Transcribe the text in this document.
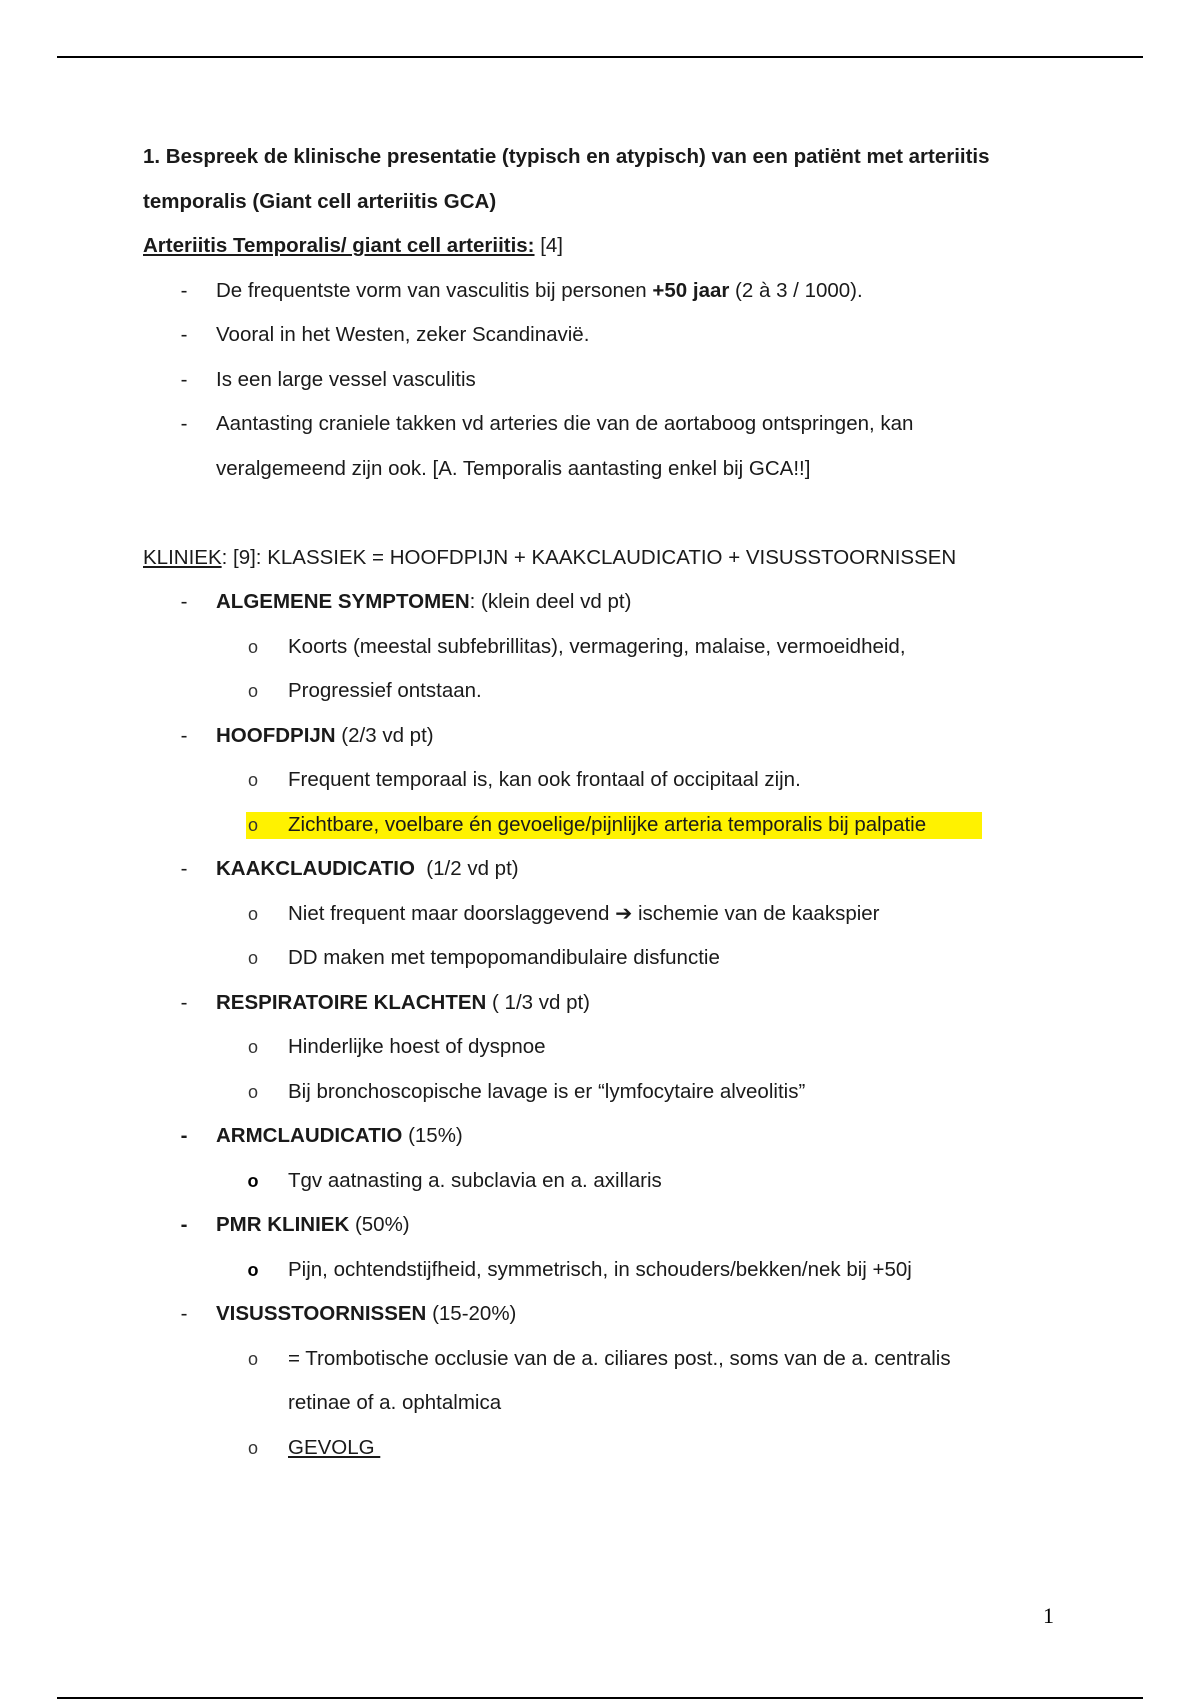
1. Bespreek de klinische presentatie (typisch en atypisch) van een patiënt met arteriitis
temporalis (Giant cell arteriitis GCA)
Arteriitis Temporalis/ giant cell arteriitis: [4]
- De frequentste vorm van vasculitis bij personen +50 jaar (2 à 3 / 1000).
- Vooral in het Westen, zeker Scandinavië.
- Is een large vessel vasculitis
- Aantasting craniele takken vd arteries die van de aortaboog ontspringen, kan
veralgemeend zijn ook. [A. Temporalis aantasting enkel bij GCA!!]
KLINIEK: [9]: KLASSIEK = HOOFDPIJN + KAAKCLAUDICATIO + VISUSSTOORNISSEN
- ALGEMENE SYMPTOMEN: (klein deel vd pt)
o Koorts (meestal subfebrillitas), vermagering, malaise, vermoeidheid,
o Progressief ontstaan.
- HOOFDPIJN (2/3 vd pt)
o Frequent temporaal is, kan ook frontaal of occipitaal zijn.
o Zichtbare, voelbare én gevoelige/pijnlijke arteria temporalis bij palpatie
- KAAKCLAUDICATIO  (1/2 vd pt)
o Niet frequent maar doorslaggevend ➔ ischemie van de kaakspier
o DD maken met tempopomandibulaire disfunctie
- RESPIRATOIRE KLACHTEN ( 1/3 vd pt)
o Hinderlijke hoest of dyspnoe
o Bij bronchoscopische lavage is er “lymfocytaire alveolitis”
- ARMCLAUDICATIO (15%)
o Tgv aatnasting a. subclavia en a. axillaris
- PMR KLINIEK (50%)
o Pijn, ochtendstijfheid, symmetrisch, in schouders/bekken/nek bij +50j
- VISUSSTOORNISSEN (15-20%)
o = Trombotische occlusie van de a. ciliares post., soms van de a. centralis
retinae of a. ophtalmica
o GEVOLG
1
